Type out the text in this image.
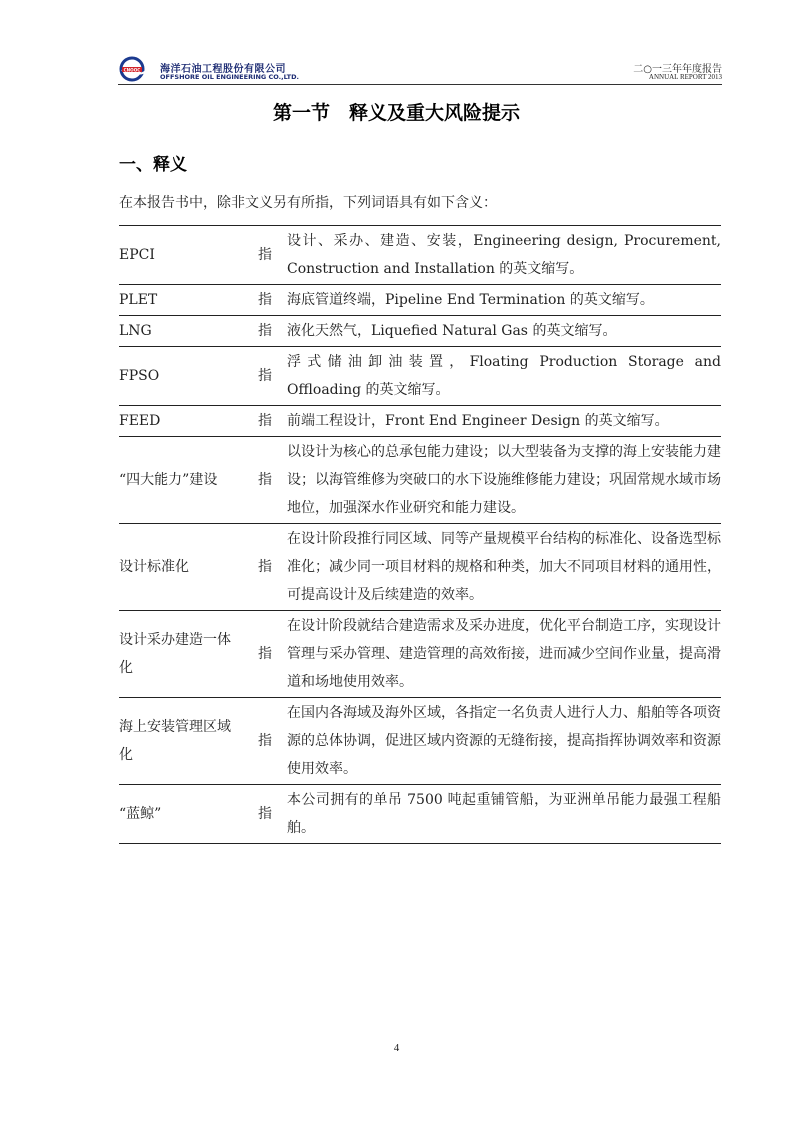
CNOOC 海洋石油工程股份有限公司
OFFSHORE OIL ENGINEERING CO.,LTD.
二○一三年年度报告
ANNUAL REPORT 2013
第一节　释义及重大风险提示
一、释义
在本报告书中，除非文义另有所指，下列词语具有如下含义：
EPCI	指	设计、采办、建造、安装，Engineering design, Procurement, Construction and Installation 的英文缩写。
PLET	指	海底管道终端，Pipeline End Termination 的英文缩写。
LNG	指	液化天然气，Liquefied Natural Gas 的英文缩写。
FPSO	指	浮式储油卸油装置，Floating Production Storage and Offloading 的英文缩写。
FEED	指	前端工程设计，Front End Engineer Design 的英文缩写。
“四大能力”建设	指	以设计为核心的总承包能力建设；以大型装备为支撑的海上安装能力建设；以海管维修为突破口的水下设施维修能力建设；巩固常规水域市场地位，加强深水作业研究和能力建设。
设计标准化	指	在设计阶段推行同区域、同等产量规模平台结构的标准化、设备选型标准化；减少同一项目材料的规格和种类，加大不同项目材料的通用性，可提高设计及后续建造的效率。
设计采办建造一体化	指	在设计阶段就结合建造需求及采办进度，优化平台制造工序，实现设计管理与采办管理、建造管理的高效衔接，进而减少空间作业量，提高滑道和场地使用效率。
海上安装管理区域化	指	在国内各海域及海外区域，各指定一名负责人进行人力、船舶等各项资源的总体协调，促进区域内资源的无缝衔接，提高指挥协调效率和资源使用效率。
“蓝鲸”	指	本公司拥有的单吊 7500 吨起重铺管船，为亚洲单吊能力最强工程船舶。
4
